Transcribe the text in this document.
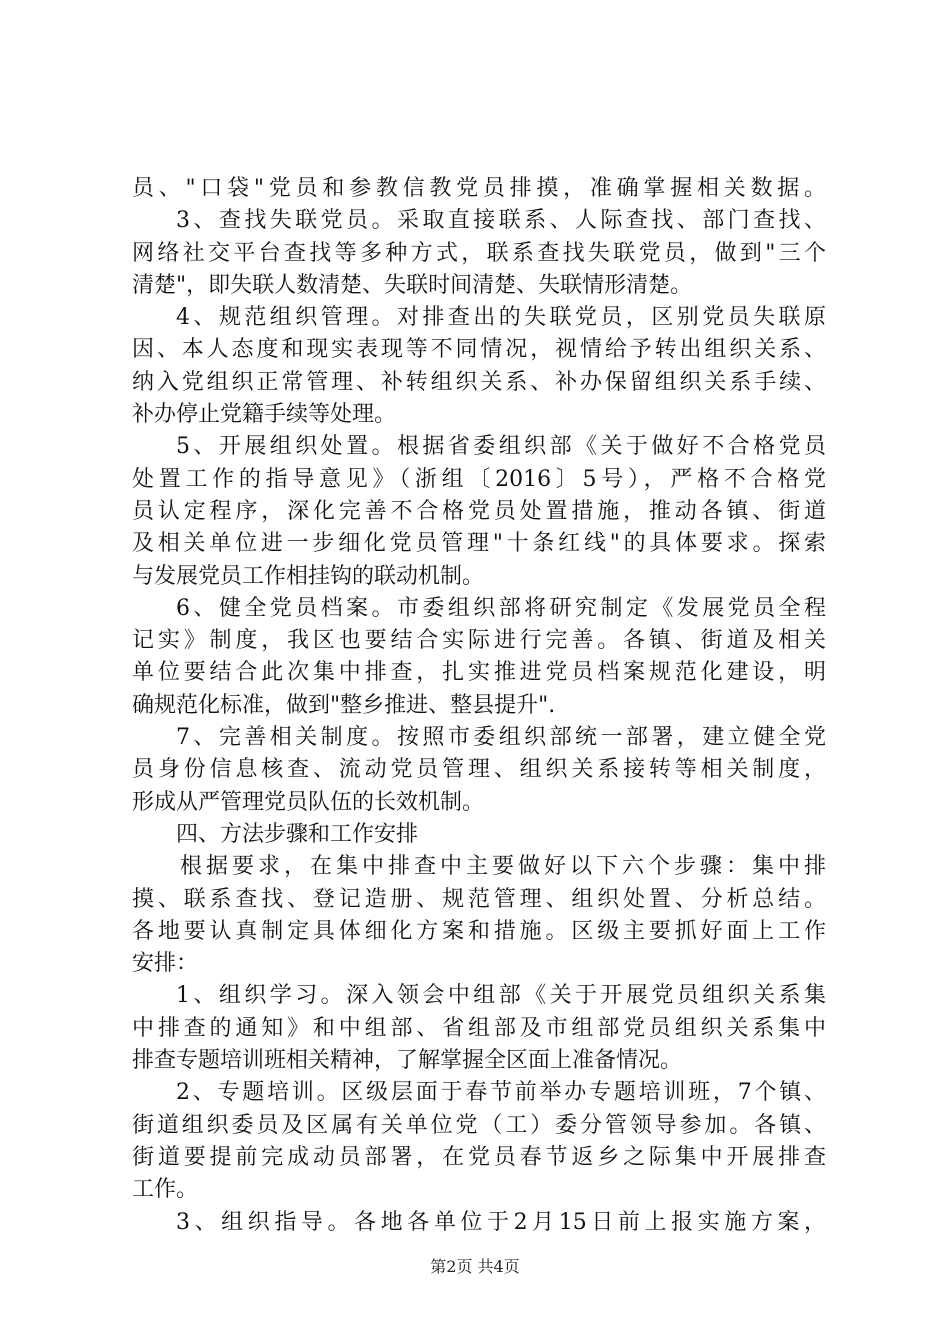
员、"口袋"党员和参教信教党员排摸，准确掌握相关数据。
3、查找失联党员。采取直接联系、人际查找、部门查找、
网络社交平台查找等多种方式，联系查找失联党员，做到"三个
清楚"，即失联人数清楚、失联时间清楚、失联情形清楚。
4、规范组织管理。对排查出的失联党员，区别党员失联原
因、本人态度和现实表现等不同情况，视情给予转出组织关系、
纳入党组织正常管理、补转组织关系、补办保留组织关系手续、
补办停止党籍手续等处理。
5、开展组织处置。根据省委组织部《关于做好不合格党员
处置工作的指导意见》（浙组〔2016〕5号），严格不合格党
员认定程序，深化完善不合格党员处置措施，推动各镇、街道
及相关单位进一步细化党员管理"十条红线"的具体要求。探索
与发展党员工作相挂钩的联动机制。
6、健全党员档案。市委组织部将研究制定《发展党员全程
记实》制度，我区也要结合实际进行完善。各镇、街道及相关
单位要结合此次集中排查，扎实推进党员档案规范化建设，明
确规范化标准，做到"整乡推进、整县提升".
7、完善相关制度。按照市委组织部统一部署，建立健全党
员身份信息核查、流动党员管理、组织关系接转等相关制度，
形成从严管理党员队伍的长效机制。
四、方法步骤和工作安排
根据要求，在集中排查中主要做好以下六个步骤：集中排
摸、联系查找、登记造册、规范管理、组织处置、分析总结。
各地要认真制定具体细化方案和措施。区级主要抓好面上工作
安排：
1、组织学习。深入领会中组部《关于开展党员组织关系集
中排查的通知》和中组部、省组部及市组部党员组织关系集中
排查专题培训班相关精神，了解掌握全区面上准备情况。
2、专题培训。区级层面于春节前举办专题培训班，7个镇、
街道组织委员及区属有关单位党（工）委分管领导参加。各镇、
街道要提前完成动员部署，在党员春节返乡之际集中开展排查
工作。
3、组织指导。各地各单位于2月15日前上报实施方案，
第2页 共4页
